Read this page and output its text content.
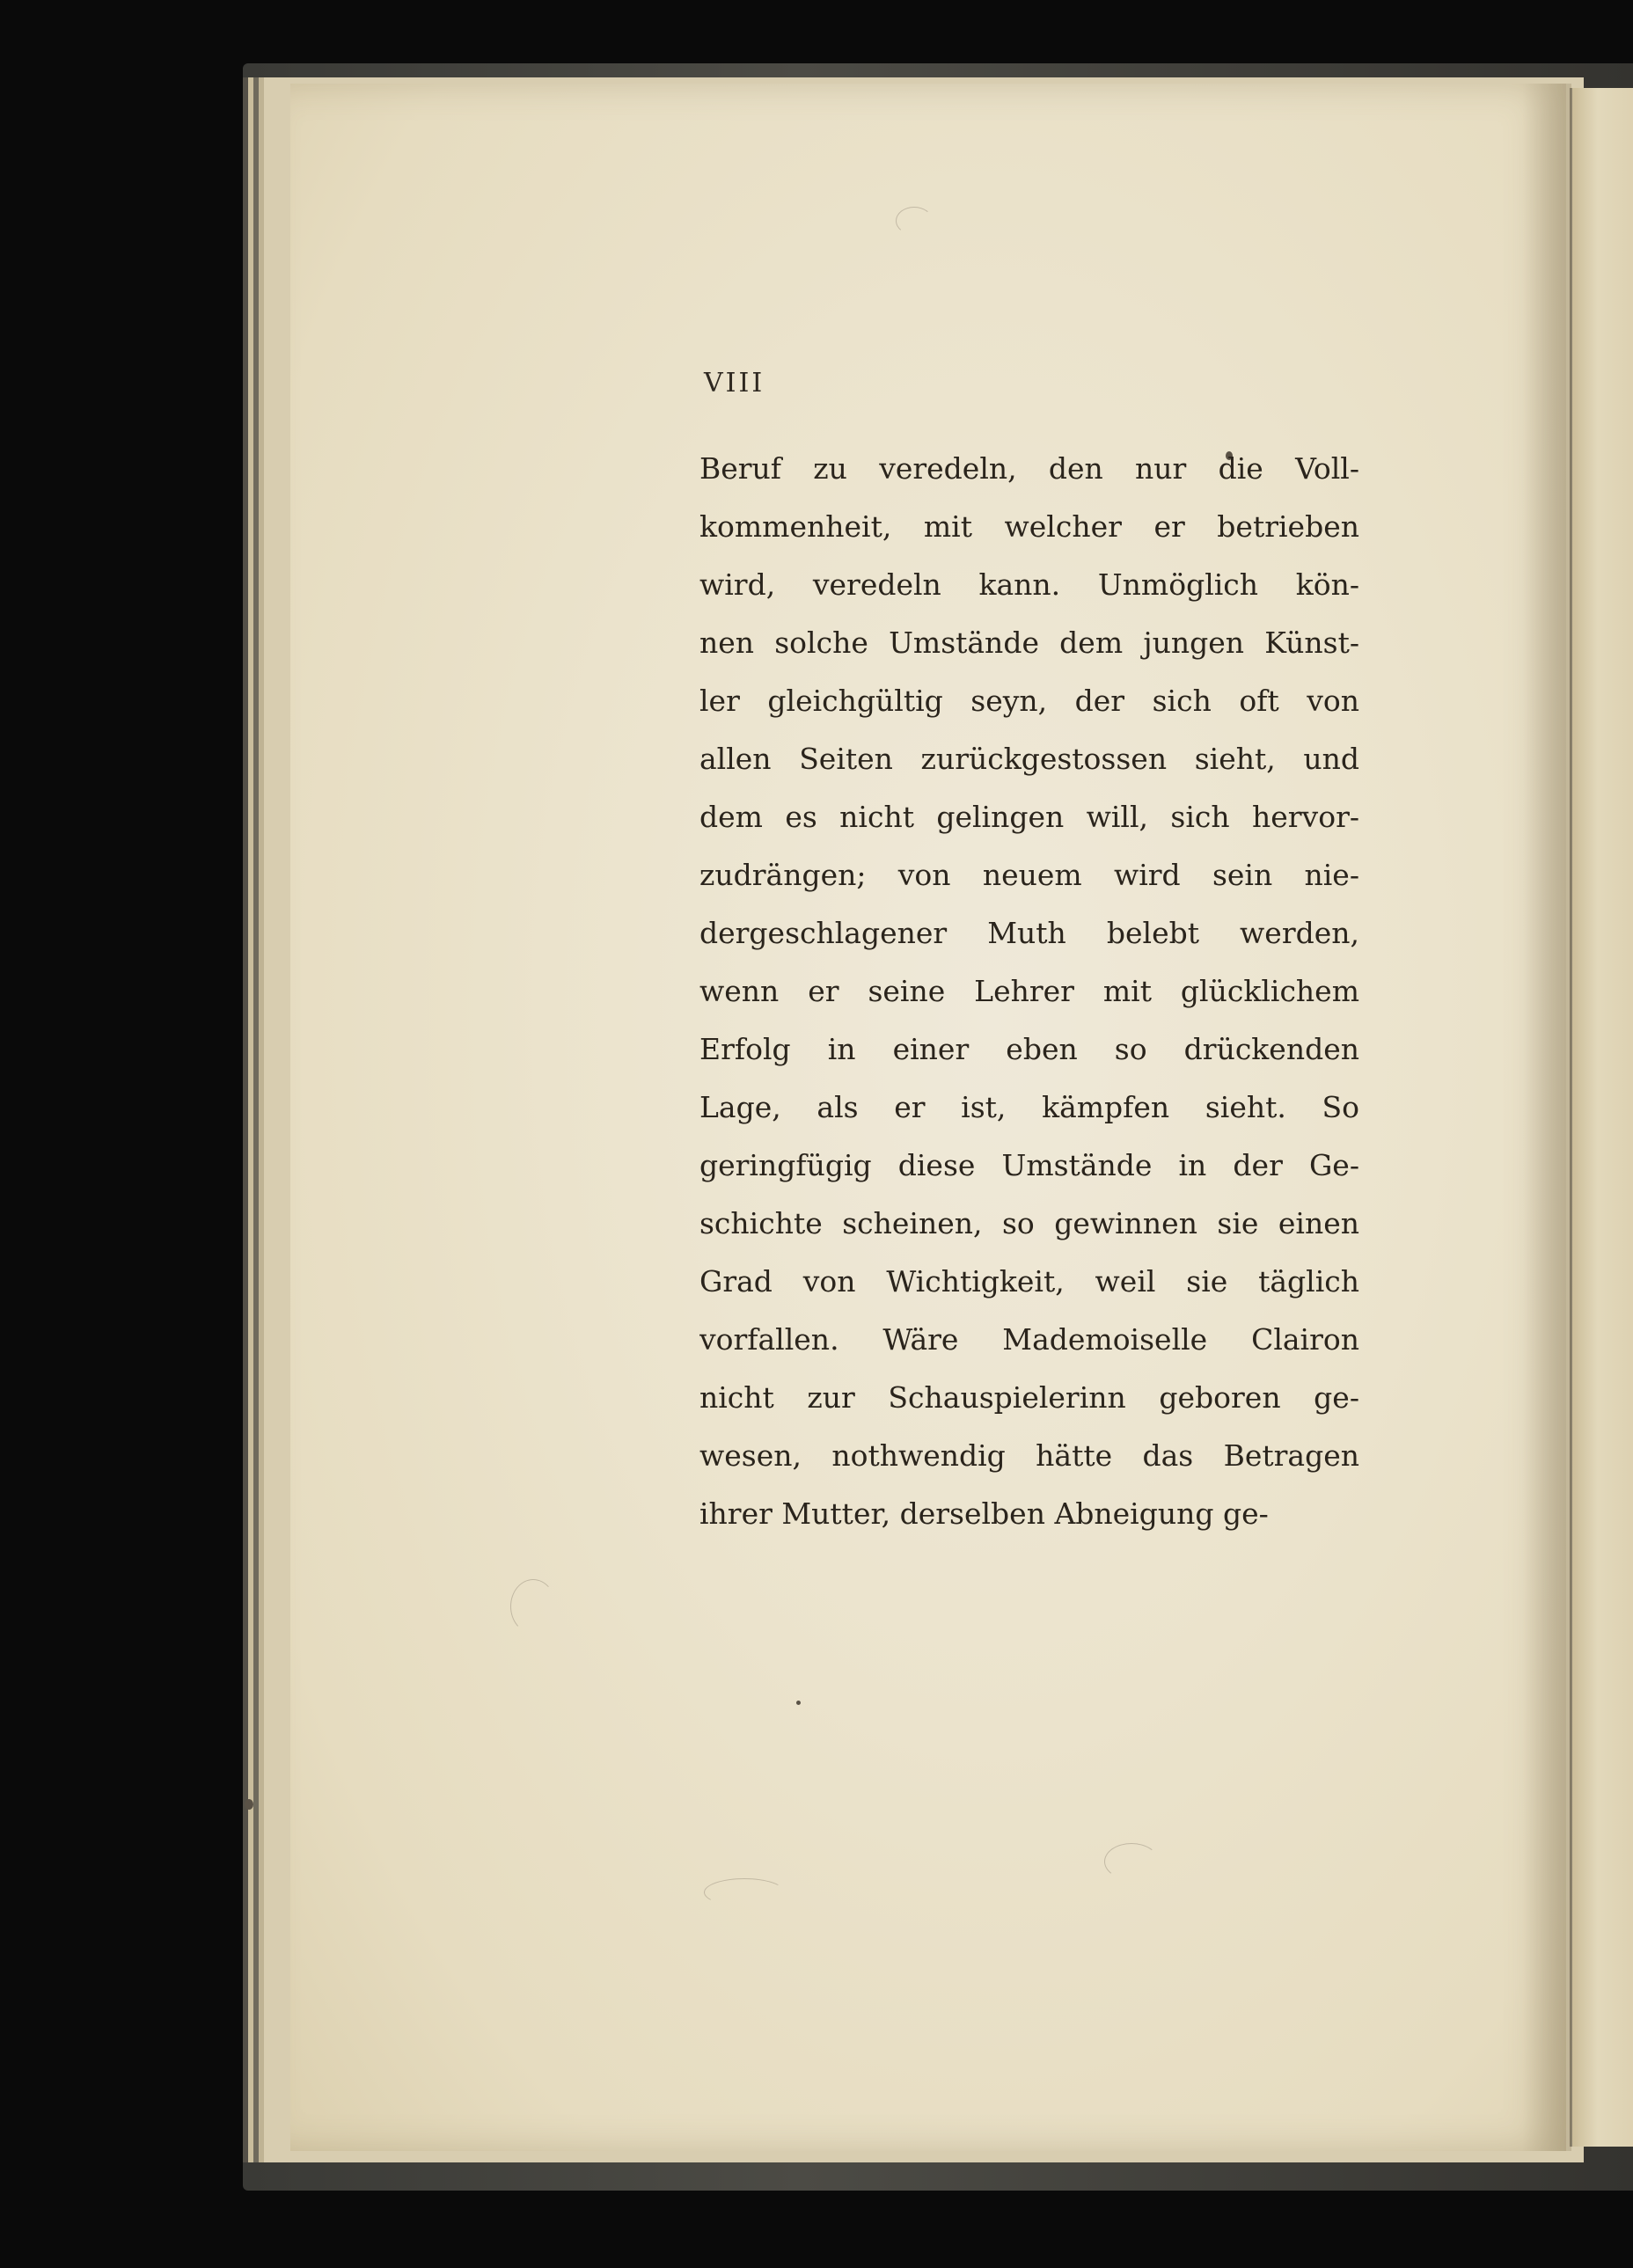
VIII
Beruf zu veredeln, den nur die Voll-
kommenheit, mit welcher er betrieben
wird, veredeln kann. Unmöglich kön-
nen solche Umstände dem jungen Künst-
ler gleichgültig seyn, der sich oft von
allen Seiten zurückgestossen sieht, und
dem es nicht gelingen will, sich hervor-
zudrängen; von neuem wird sein nie-
dergeschlagener Muth belebt werden,
wenn er seine Lehrer mit glücklichem
Erfolg in einer eben so drückenden
Lage, als er ist, kämpfen sieht. So
geringfügig diese Umstände in der Ge-
schichte scheinen, so gewinnen sie einen
Grad von Wichtigkeit, weil sie täglich
vorfallen. Wäre Mademoiselle Clairon
nicht zur Schauspielerinn geboren ge-
wesen, nothwendig hätte das Betragen
ihrer Mutter, derselben Abneigung ge-
